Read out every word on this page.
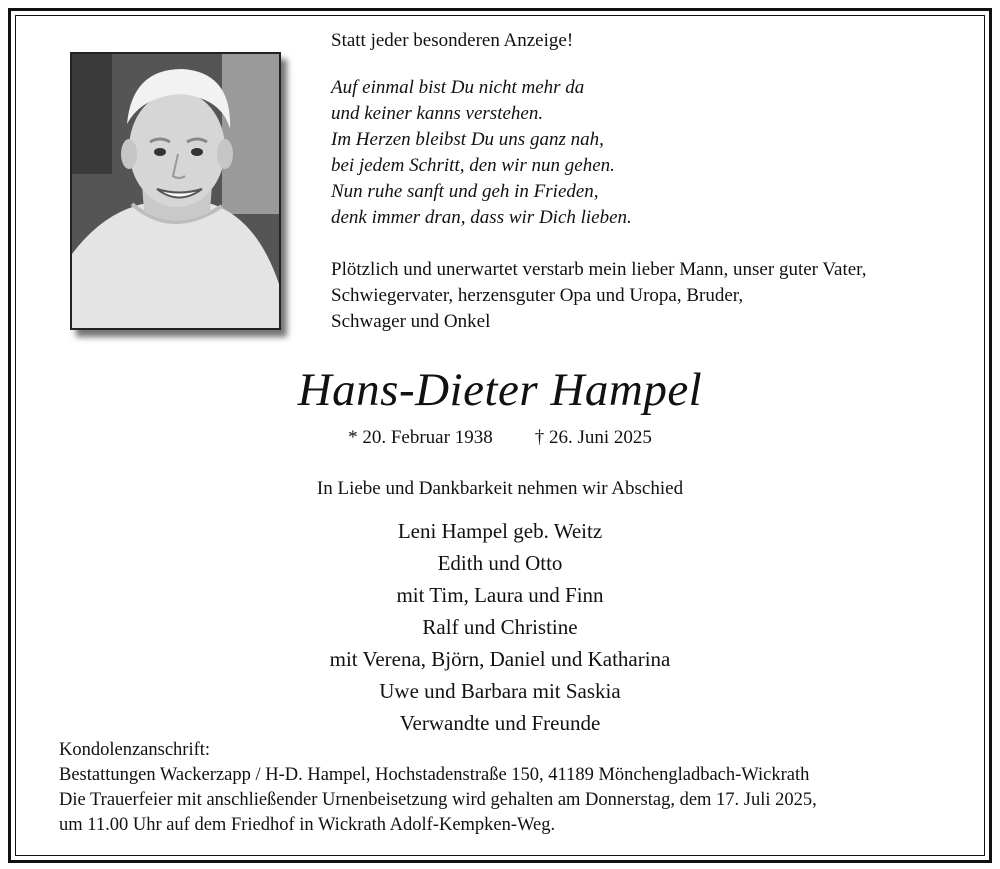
Statt jeder besonderen Anzeige!
Auf einmal bist Du nicht mehr da
und keiner kanns verstehen.
Im Herzen bleibst Du uns ganz nah,
bei jedem Schritt, den wir nun gehen.
Nun ruhe sanft und geh in Frieden,
denk immer dran, dass wir Dich lieben.
Plötzlich und unerwartet verstarb mein lieber Mann, unser guter Vater,
Schwiegervater, herzensguter Opa und Uropa, Bruder,
Schwager und Onkel
Hans-Dieter Hampel
* 20. Februar 1938 † 26. Juni 2025
In Liebe und Dankbarkeit nehmen wir Abschied
Leni Hampel geb. Weitz
Edith und Otto
mit Tim, Laura und Finn
Ralf und Christine
mit Verena, Björn, Daniel und Katharina
Uwe und Barbara mit Saskia
Verwandte und Freunde
Kondolenzanschrift:
Bestattungen Wackerzapp / H-D. Hampel, Hochstadenstraße 150, 41189 Mönchengladbach-Wickrath
Die Trauerfeier mit anschließender Urnenbeisetzung wird gehalten am Donnerstag, dem 17. Juli 2025,
um 11.00 Uhr auf dem Friedhof in Wickrath Adolf-Kempken-Weg.
